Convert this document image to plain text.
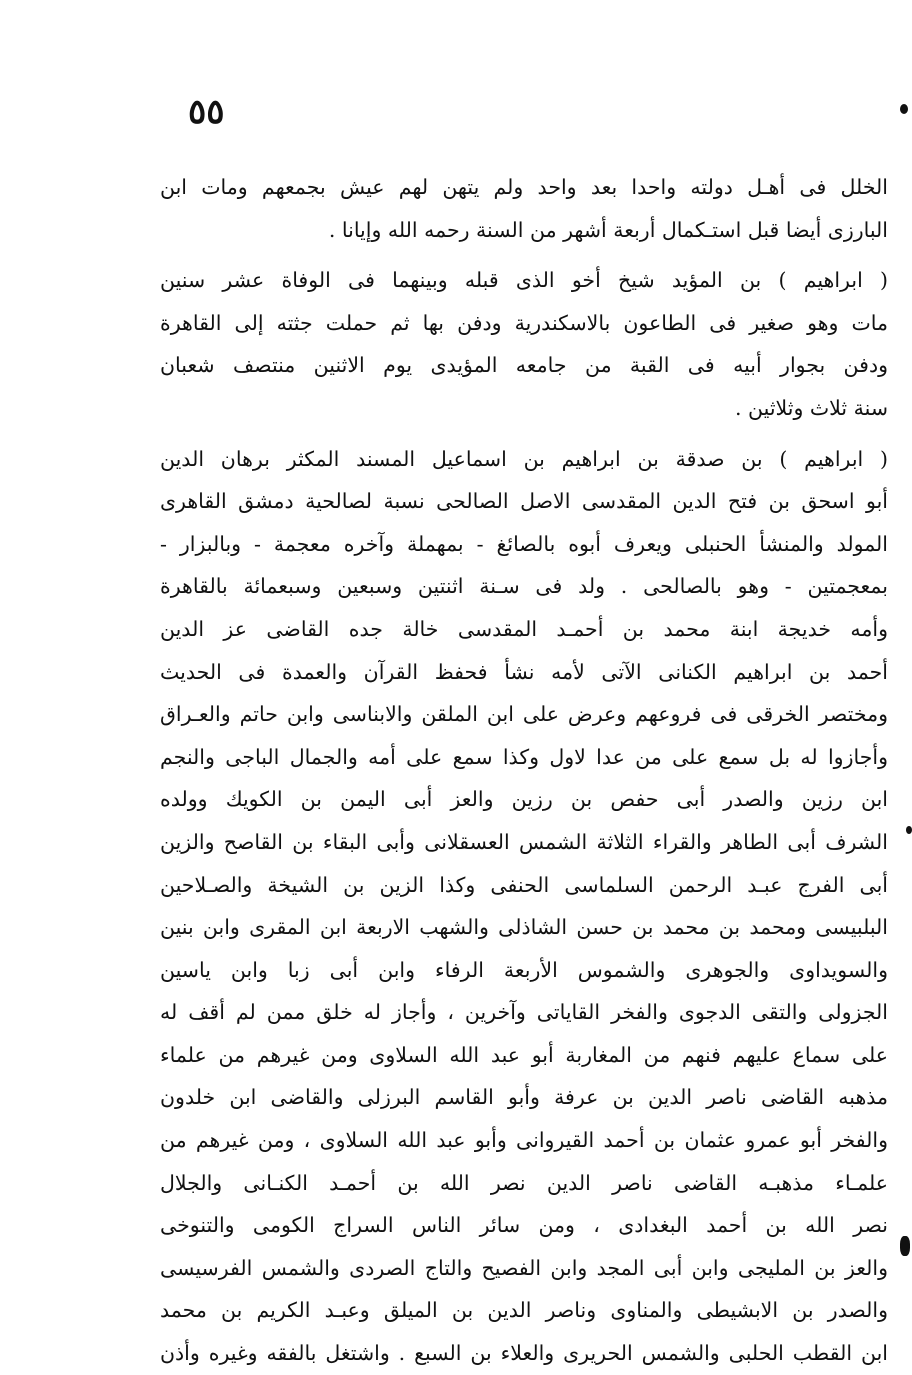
٥٥
الخلل فى أهـل دولته واحدا بعد واحد ولم يتهن لهم عيش بجمعهم ومات ابن
البارزى أيضا قبل استـكمال أربعة أشهر من السنة رحمه الله وإيانا .
( ابراهيم ) بن المؤيد شيخ أخو الذى قبله وبينهما فى الوفاة عشر سنين
مات وهو صغير فى الطاعون بالاسكندرية ودفن بها ثم حملت جثته إلى القاهرة
ودفن بجوار أبيه فى القبة من جامعه المؤيدى يوم الاثنين منتصف شعبان
سنة ثلاث وثلاثين .
( ابراهيم ) بن صدقة بن ابراهيم بن اسماعيل المسند المكثر برهان الدين
أبو اسحق بن فتح الدين المقدسى الاصل الصالحى نسبة لصالحية دمشق القاهرى
المولد والمنشأ الحنبلى ويعرف أبوه بالصائغ - بمهملة وآخره معجمة - وبالبزار -
بمعجمتين - وهو بالصالحى . ولد فى سـنة اثنتين وسبعين وسبعمائة بالقاهرة
وأمه خديجة ابنة محمد بن أحمـد المقدسى خالة جده القاضى عز الدين
أحمد بن ابراهيم الكنانى الآتى لأمه نشأ فحفظ القرآن والعمدة فى الحديث
ومختصر الخرقى فى فروعهم وعرض على ابن الملقن والابناسى وابن حاتم والعـراق
وأجازوا له بل سمع على من عدا لاول وكذا سمع على أمه والجمال الباجى والنجم
ابن رزين والصدر أبى حفص بن رزين والعز أبى اليمن بن الكويك وولده
الشرف أبى الطاهر والقراء الثلاثة الشمس العسقلانى وأبى البقاء بن القاصح والزين
أبى الفرج عبـد الرحمن السلماسى الحنفى وكذا الزين بن الشيخة والصـلاحين
البلبيسى ومحمد بن محمد بن حسن الشاذلى والشهب الاربعة ابن المقرى وابن بنين
والسويداوى والجوهرى والشموس الأربعة الرفاء وابن أبى زبا وابن ياسين
الجزولى والتقى الدجوى والفخر القاياتى وآخرين ، وأجاز له خلق ممن لم أقف له
على سماع عليهم فنهم من المغاربة أبو عبد الله السلاوى ومن غيرهم من علماء
مذهبه القاضى ناصر الدين بن عرفة وأبو القاسم البرزلى والقاضى ابن خلدون
والفخر أبو عمرو عثمان بن أحمد القيروانى وأبو عبد الله السلاوى ، ومن غيرهم من
علمـاء مذهبـه القاضى ناصر الدين نصر الله بن أحمـد الكنـانى والجلال
نصر الله بن أحمد البغدادى ، ومن سائر الناس السراج الكومى والتنوخى
والعز بن المليجى وابن أبى المجد وابن الفصيح والتاج الصردى والشمس الفرسيسى
والصدر بن الابشيطى والمناوى وناصر الدين بن الميلق وعبـد الكريم بن محمد
ابن القطب الحلبى والشمس الحريرى والعلاء بن السبع . واشتغل بالفقه وغيره وأذن
